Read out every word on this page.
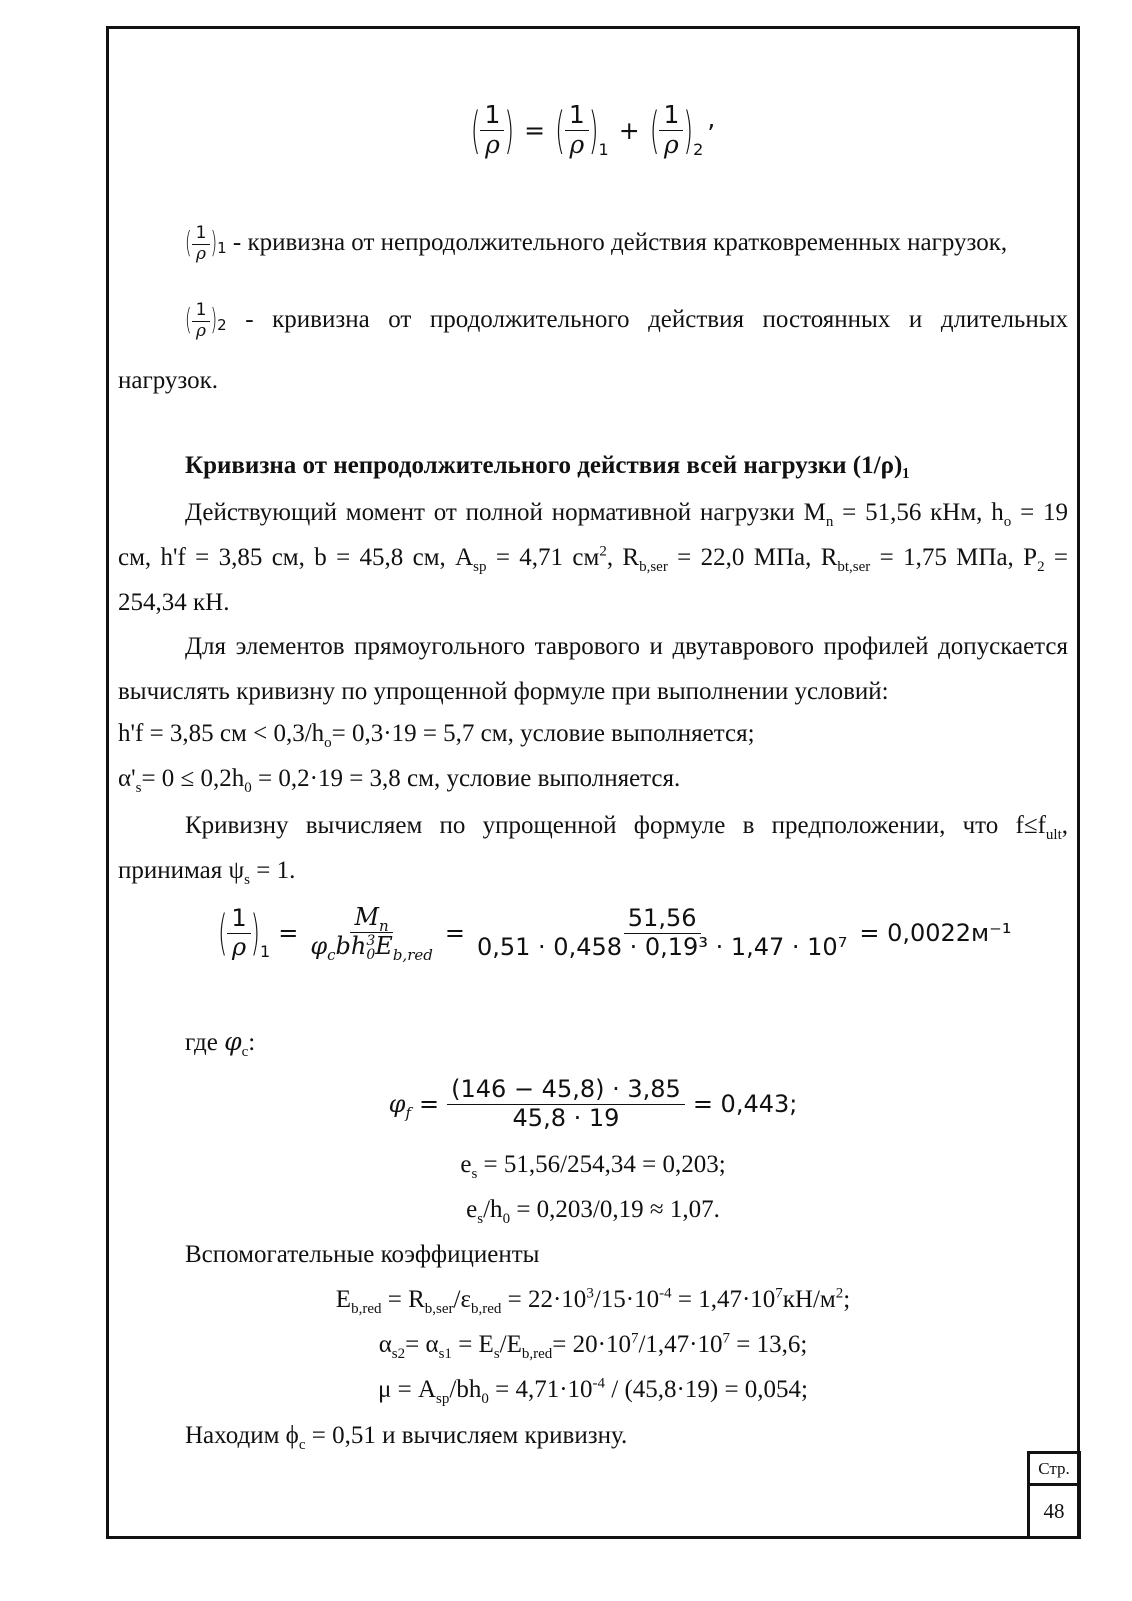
( $\frac{1}{\rho}$ ) = ( $\frac{1}{\rho}$ ) 1
+ ( $\frac{1}{\rho}$ ) 2
,
( $\frac{1}{\rho}$ ) 1 - кривизна от непродолжительного действия кратковременных нагрузок,
( $\frac{1}{\rho}$ ) 2 - кривизна от продолжительного действия постоянных и длительных нагрузок.
Кривизна от непродолжительного действия всей нагрузки (1/ρ)₁
Действующий момент от полной нормативной нагрузки $M_n = 51,56$ кНм, $h_o = 19$ см, h'f = 3,85 см, b = 45,8 см, $A_{sp} = 4,71$ $см^2$, $R_{b,ser} = 22,0$ МПа, $R_{bt,ser} = 1,75$ МПа, $P_2 = 254,34$ кН.
Для элементов прямоугольного таврового и двутаврового профилей допускается вычислять кривизну по упрощенной формуле при выполнении условий:
h'f = 3,85 см < $0,3/h_o= 0,3\cdot 19 = 5,7$ см, условие выполняется;
$\alpha'_s= 0 \le 0,2h_0 = 0,2\cdot 19 = 3,8$ см, условие выполняется.
Кривизну вычисляем по упрощенной формуле в предположении, что $f\le f_{ult}$, принимая $\psi_s = 1$.
( $\frac{1}{\rho}$ ) 1
= $M_n$
$\varphi_cbh$ 3
0 $E_{b,red} = \frac{51,56}{\text{0,51 · 0,458 · 0,19³ · 1,47 · 10⁷}} = 0,0022м^{-1}$
где $\varphi_c$:
$\varphi_f = \frac{(146 - 45,8) \cdot 3,85}{45,8 \cdot 19} = 0,443$;
$e_s = 51,56/254,34 = 0,203$;
$e_s/h_0 = 0,203/0,19 \approx 1,07$.
Вспомогательные коэффициенты
$E_{b,red} = R_{b,ser}/\varepsilon_{b,red} = 22\cdot 10^3/15\cdot 10^{-4} = 1,47\cdot 10^7кН/м^2$;
$\alpha_{s2}= \alpha_{s1} = E_s/E_{b,red}= 20\cdot 10^7/1,47\cdot 10^7 = 13,6$;
$\mu = A_{sp}/bh_0 = 4,71\cdot 10^{-4} / (45,8\cdot 19) = 0,054$;
Находим $\phi_c = 0,51$ и вычисляем кривизну.
Стр.
48
